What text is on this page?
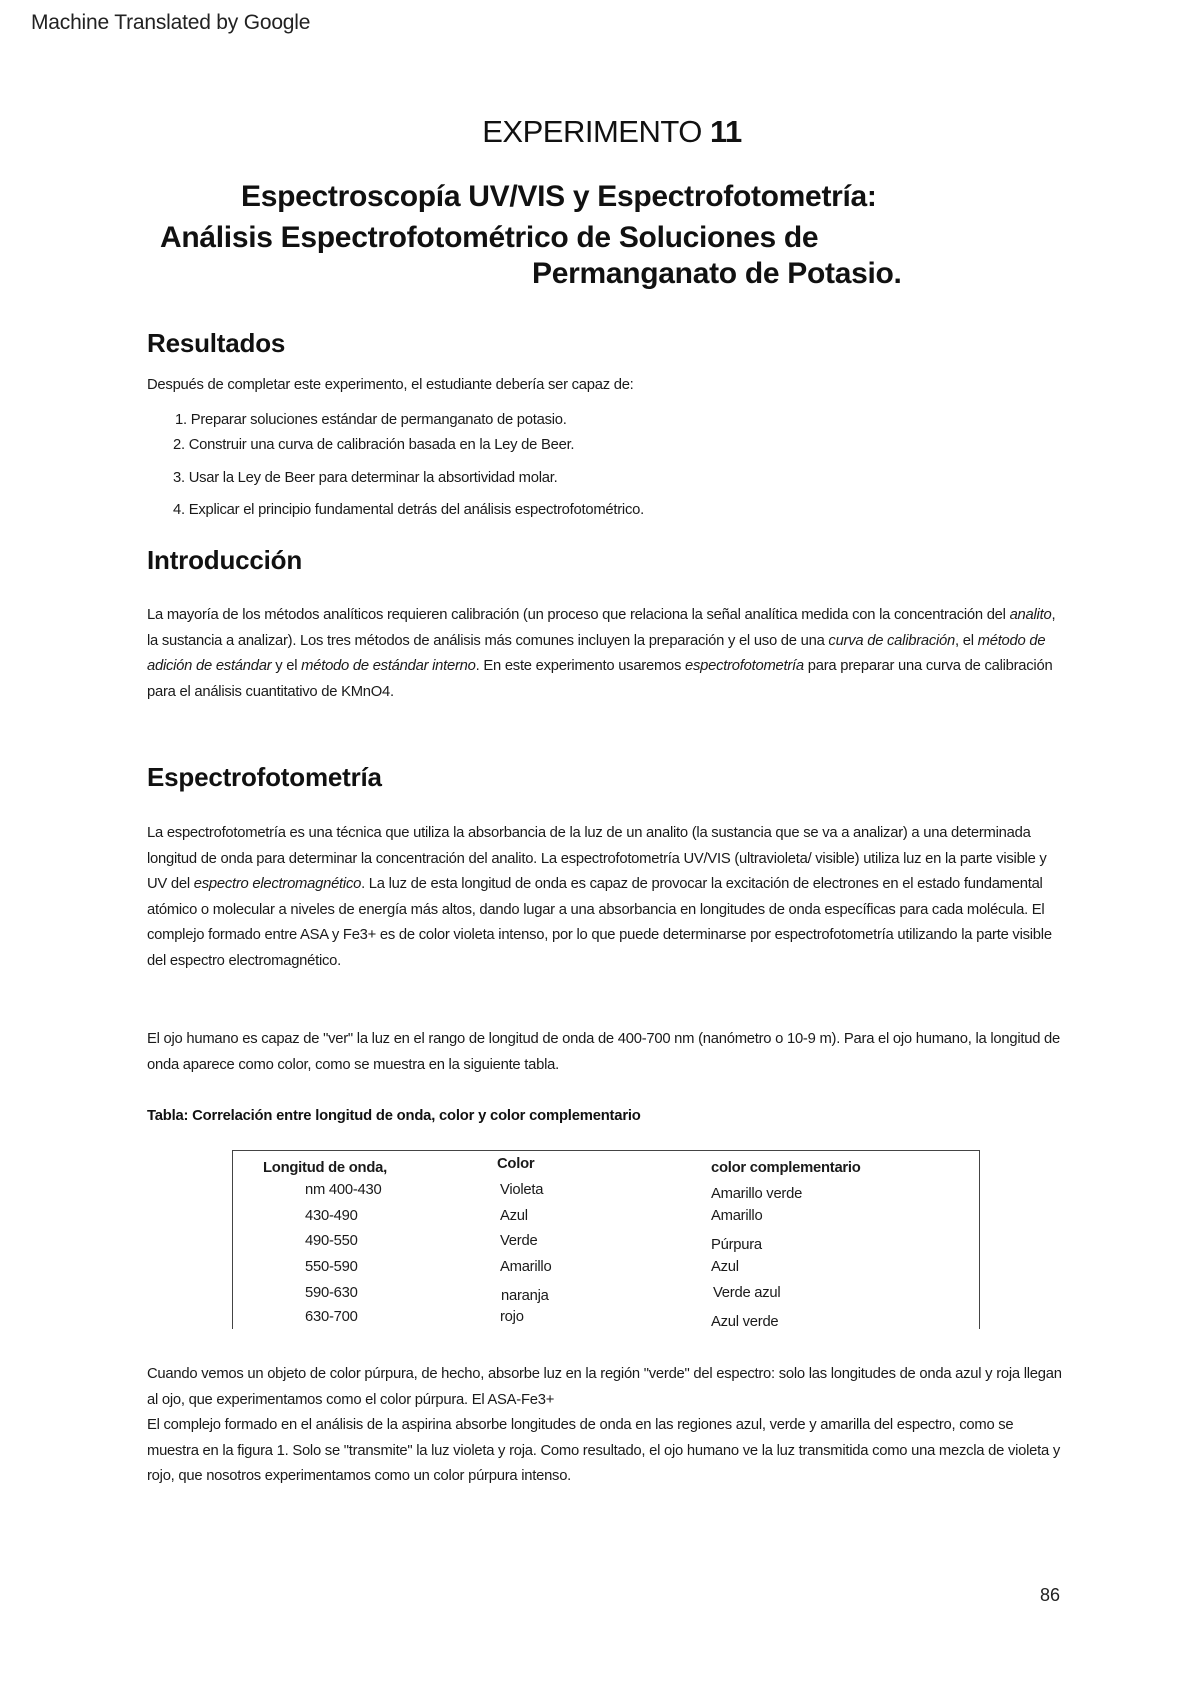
Machine Translated by Google
EXPERIMENTO 11
Espectroscopía UV/VIS y Espectrofotometría:
Análisis Espectrofotométrico de Soluciones de
Permanganato de Potasio.
Resultados
Después de completar este experimento, el estudiante debería ser capaz de:
1. Preparar soluciones estándar de permanganato de potasio.
2. Construir una curva de calibración basada en la Ley de Beer.
3. Usar la Ley de Beer para determinar la absortividad molar.
4. Explicar el principio fundamental detrás del análisis espectrofotométrico.
Introducción
La mayoría de los métodos analíticos requieren calibración (un proceso que relaciona la señal analítica medida con la concentración del analito, la sustancia a analizar). Los tres métodos de análisis más comunes incluyen la preparación y el uso de una curva de calibración, el método de adición de estándar y el método de estándar interno. En este experimento usaremos espectrofotometría para preparar una curva de calibración para el análisis cuantitativo de KMnO4.
Espectrofotometría
La espectrofotometría es una técnica que utiliza la absorbancia de la luz de un analito (la sustancia que se va a analizar) a una determinada longitud de onda para determinar la concentración del analito. La espectrofotometría UV/VIS (ultravioleta/ visible) utiliza luz en la parte visible y UV del espectro electromagnético. La luz de esta longitud de onda es capaz de provocar la excitación de electrones en el estado fundamental atómico o molecular a niveles de energía más altos, dando lugar a una absorbancia en longitudes de onda específicas para cada molécula. El complejo formado entre ASA y Fe3+ es de color violeta intenso, por lo que puede determinarse por espectrofotometría utilizando la parte visible del espectro electromagnético.
El ojo humano es capaz de "ver" la luz en el rango de longitud de onda de 400-700 nm (nanómetro o 10-9 m). Para el ojo humano, la longitud de onda aparece como color, como se muestra en la siguiente tabla.
Tabla: Correlación entre longitud de onda, color y color complementario
Longitud de onda,	Color	color complementario
nm 400-430	Violeta	Amarillo verde
430-490	Azul	Amarillo
490-550	Verde	Púrpura
550-590	Amarillo	Azul
590-630	naranja	Verde azul
630-700	rojo	Azul verde
Cuando vemos un objeto de color púrpura, de hecho, absorbe luz en la región "verde" del espectro: solo las longitudes de onda azul y roja llegan al ojo, que experimentamos como el color púrpura. El ASA-Fe3+
El complejo formado en el análisis de la aspirina absorbe longitudes de onda en las regiones azul, verde y amarilla del espectro, como se muestra en la figura 1. Solo se "transmite" la luz violeta y roja. Como resultado, el ojo humano ve la luz transmitida como una mezcla de violeta y rojo, que nosotros experimentamos como un color púrpura intenso.
86
